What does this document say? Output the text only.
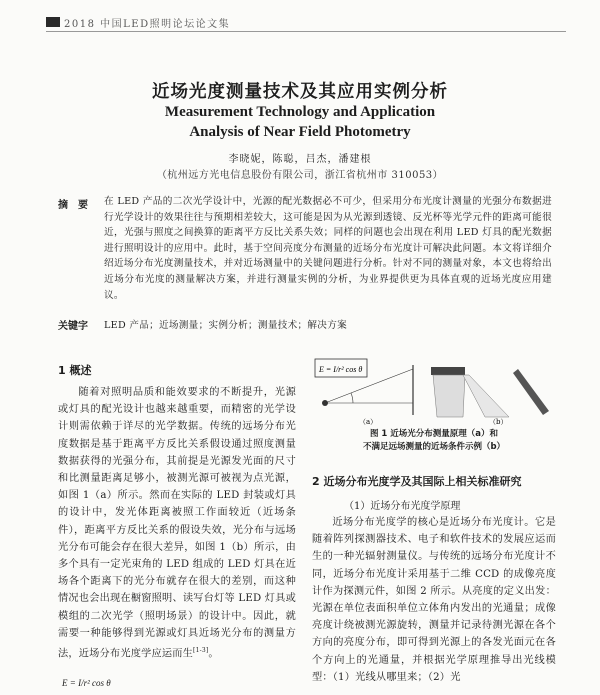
2018 中国LED照明论坛论文集
近场光度测量技术及其应用实例分析
Measurement Technology and Application
Analysis of Near Field Photometry
李晓妮，陈聪，吕杰，潘建根
（杭州远方光电信息股份有限公司，浙江省杭州市 310053）
摘要 在 LED 产品的二次光学设计中，光源的配光数据必不可少，但采用分布光度计测量的光强分布数据进行光学设计的效果往往与预期相差较大，这可能是因为从光源到透镜、反光杯等光学元件的距离可能很近，光强与照度之间换算的距离平方反比关系失效；同样的问题也会出现在利用 LED 灯具的配光数据进行照明设计的应用中。此时，基于空间亮度分布测量的近场分布光度计可解决此问题。本文将详细介绍近场分布光度测量技术，并对近场测量中的关键问题进行分析。针对不同的测量对象，本文也将给出近场分布光度的测量解决方案，并进行测量实例的分析，为业界提供更为具体直观的近场光度应用建议。
关键字 LED 产品；近场测量；实例分析；测量技术；解决方案
1 概述
随着对照明品质和能效要求的不断提升，光源或灯具的配光设计也越来越重要，而精密的光学设计则需依赖于详尽的光学数据。传统的远场分布光度数据是基于距离平方反比关系假设通过照度测量数据获得的光强分布，其前提是光源发光面的尺寸和比测量距离足够小，被测光源可被视为点光源，如图 1（a）所示。然而在实际的 LED 封装或灯具的设计中，发光体距离被照工作面较近（近场条件），距离平方反比关系的假设失效，光分布与远场光分布可能会存在很大差异，如图 1（b）所示，由多个具有一定光束角的 LED 组成的 LED 灯具在近场各个距离下的光分布就存在很大的差别，而这种情况也会出现在橱窗照明、读写台灯等 LED 灯具或模组的二次光学（照明场景）的设计中。因此，就需要一种能够得到光源或灯具近场光分布的测量方法，近场分布光度学应运而生[1-3]。
E = I/r² cos θ
E = I/r² cos θ
（a）	（b）
图 1 近场光分布测量原理（a）和
不满足远场测量的近场条件示例（b）
2 近场分布光度学及其国际上相关标准研究
（1）近场分布光度学原理
近场分布光度学的核心是近场分布光度计。它是随着阵列探测器技术、电子和软件技术的发展应运而生的一种光辐射测量仪。与传统的远场分布光度计不同，近场分布光度计采用基于二维 CCD 的成像亮度计作为探测元件，如图 2 所示。从亮度的定义出发：光源在单位表面积单位立体角内发出的光通量；成像亮度计绕被测光源旋转，测量并记录待测光源在各个方向的亮度分布，即可得到光源上的各发光面元在各个方向上的光通量，并根据光学原理推导出光线模型：（1）光线从哪里来；（2）光
